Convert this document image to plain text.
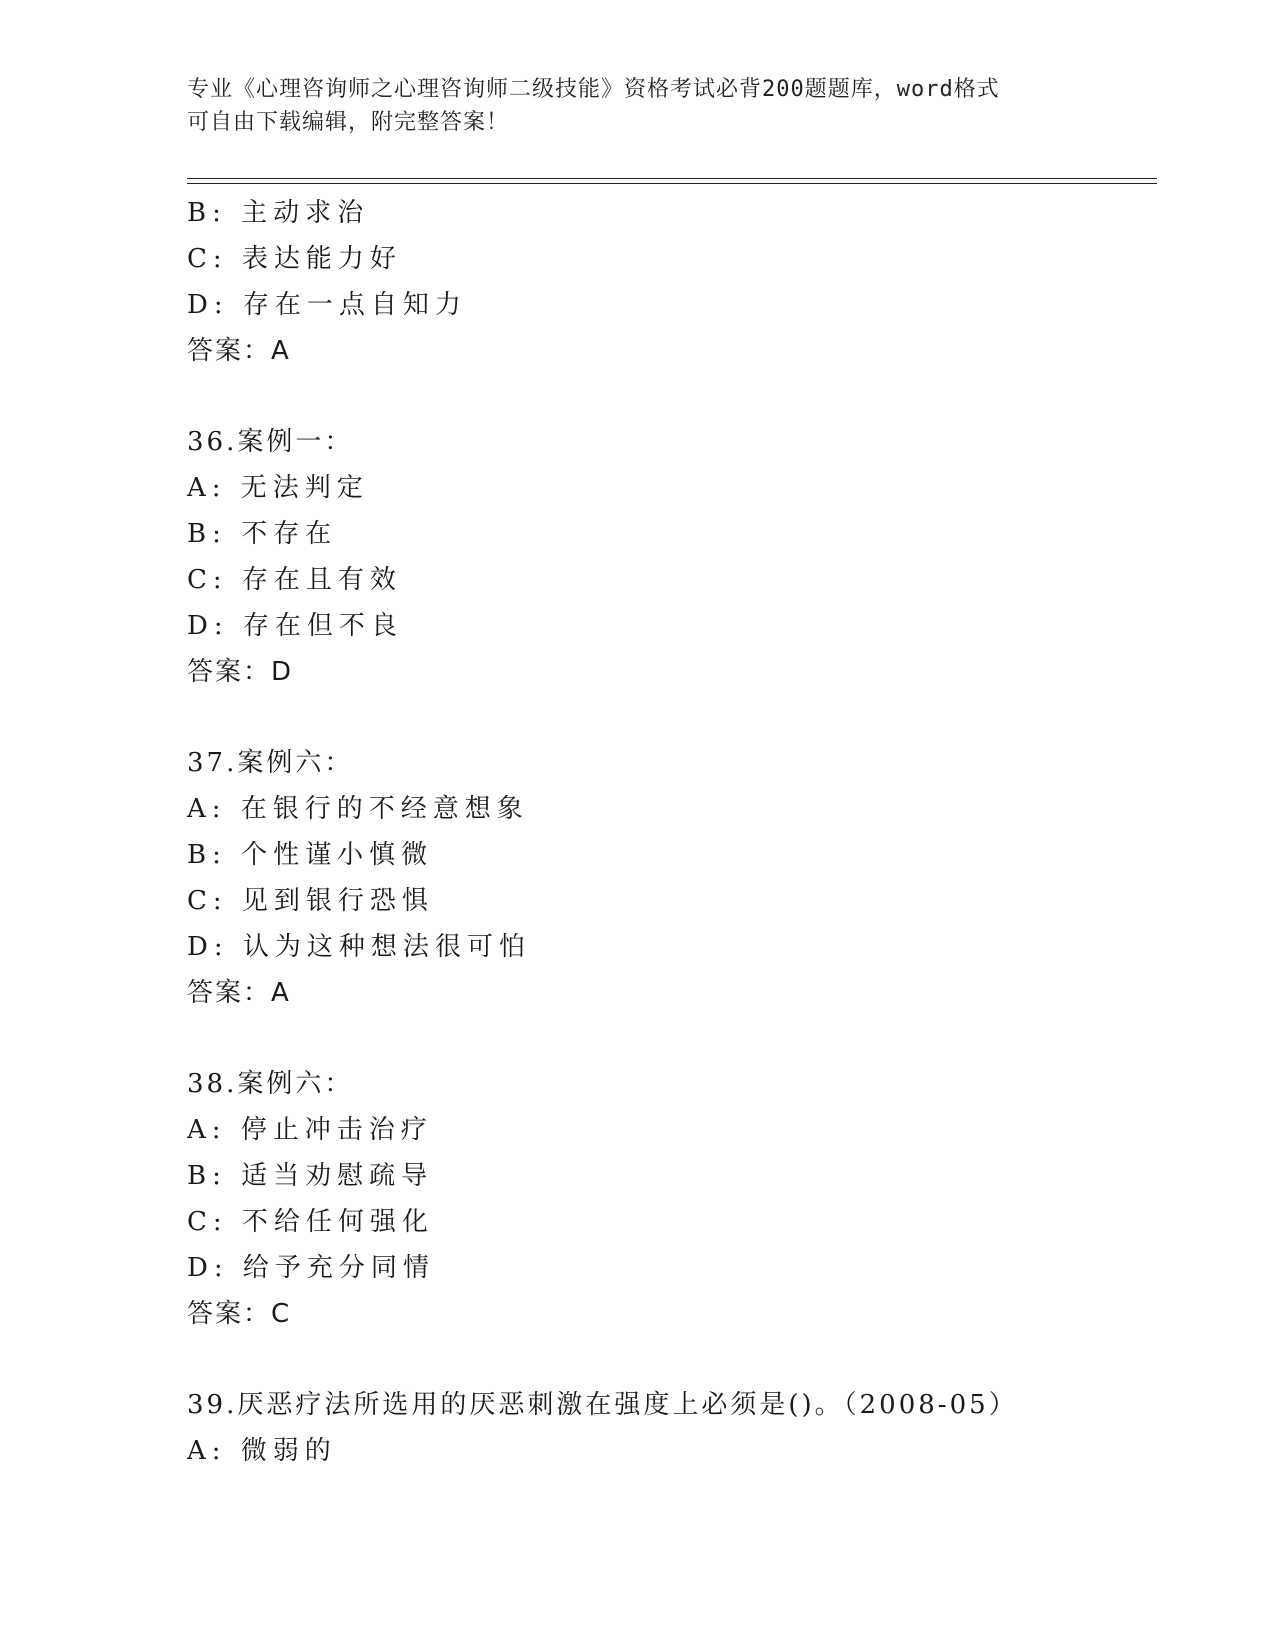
专业《心理咨询师之心理咨询师二级技能》资格考试必背200题题库，word格式
可自由下载编辑，附完整答案！
B: 主动求治
C: 表达能力好
D: 存在一点自知力
答案：A
36.案例一：
A: 无法判定
B: 不存在
C: 存在且有效
D: 存在但不良
答案：D
37.案例六：
A: 在银行的不经意想象
B: 个性谨小慎微
C: 见到银行恐惧
D: 认为这种想法很可怕
答案：A
38.案例六：
A: 停止冲击治疗
B: 适当劝慰疏导
C: 不给任何强化
D: 给予充分同情
答案：C
39.厌恶疗法所选用的厌恶刺激在强度上必须是()。（2008-05）
A: 微弱的
